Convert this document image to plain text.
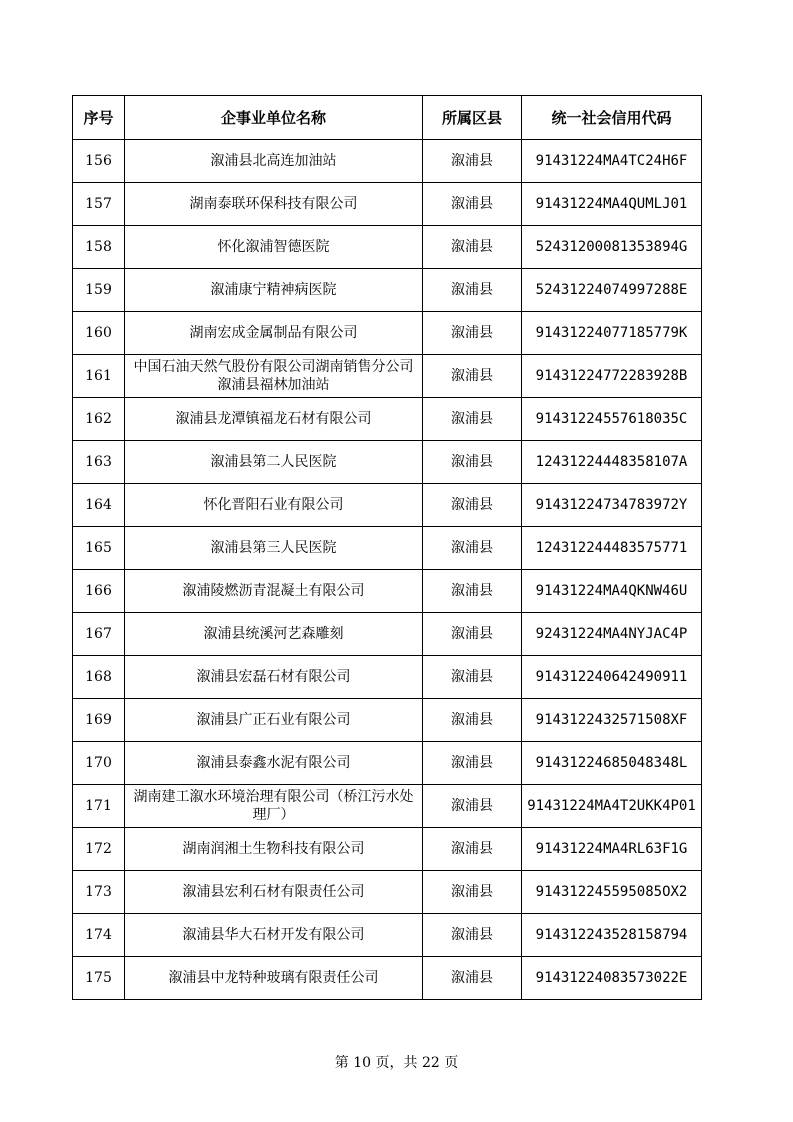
序号	企事业单位名称	所属区县	统一社会信用代码
156	溆浦县北高连加油站	溆浦县	91431224MA4TC24H6F
157	湖南泰联环保科技有限公司	溆浦县	91431224MA4QUMLJ01
158	怀化溆浦智德医院	溆浦县	52431200081353894G
159	溆浦康宁精神病医院	溆浦县	52431224074997288E
160	湖南宏成金属制品有限公司	溆浦县	91431224077185779K
161	中国石油天然气股份有限公司湖南销售分公司溆浦县福林加油站	溆浦县	91431224772283928B
162	溆浦县龙潭镇福龙石材有限公司	溆浦县	91431224557618035C
163	溆浦县第二人民医院	溆浦县	12431224448358107A
164	怀化晋阳石业有限公司	溆浦县	91431224734783972Y
165	溆浦县第三人民医院	溆浦县	124312244483575771
166	溆浦陵燃沥青混凝土有限公司	溆浦县	91431224MA4QKNW46U
167	溆浦县统溪河艺森雕刻	溆浦县	92431224MA4NYJAC4P
168	溆浦县宏磊石材有限公司	溆浦县	914312240642490911
169	溆浦县广正石业有限公司	溆浦县	9143122432571508XF
170	溆浦县泰鑫水泥有限公司	溆浦县	91431224685048348L
171	湖南建工溆水环境治理有限公司（桥江污水处理厂）	溆浦县	91431224MA4T2UKK4P01
172	湖南润湘土生物科技有限公司	溆浦县	91431224MA4RL63F1G
173	溆浦县宏利石材有限责任公司	溆浦县	914312245595085OX2
174	溆浦县华大石材开发有限公司	溆浦县	914312243528158794
175	溆浦县中龙特种玻璃有限责任公司	溆浦县	91431224083573022E
第 10 页，共 22 页
